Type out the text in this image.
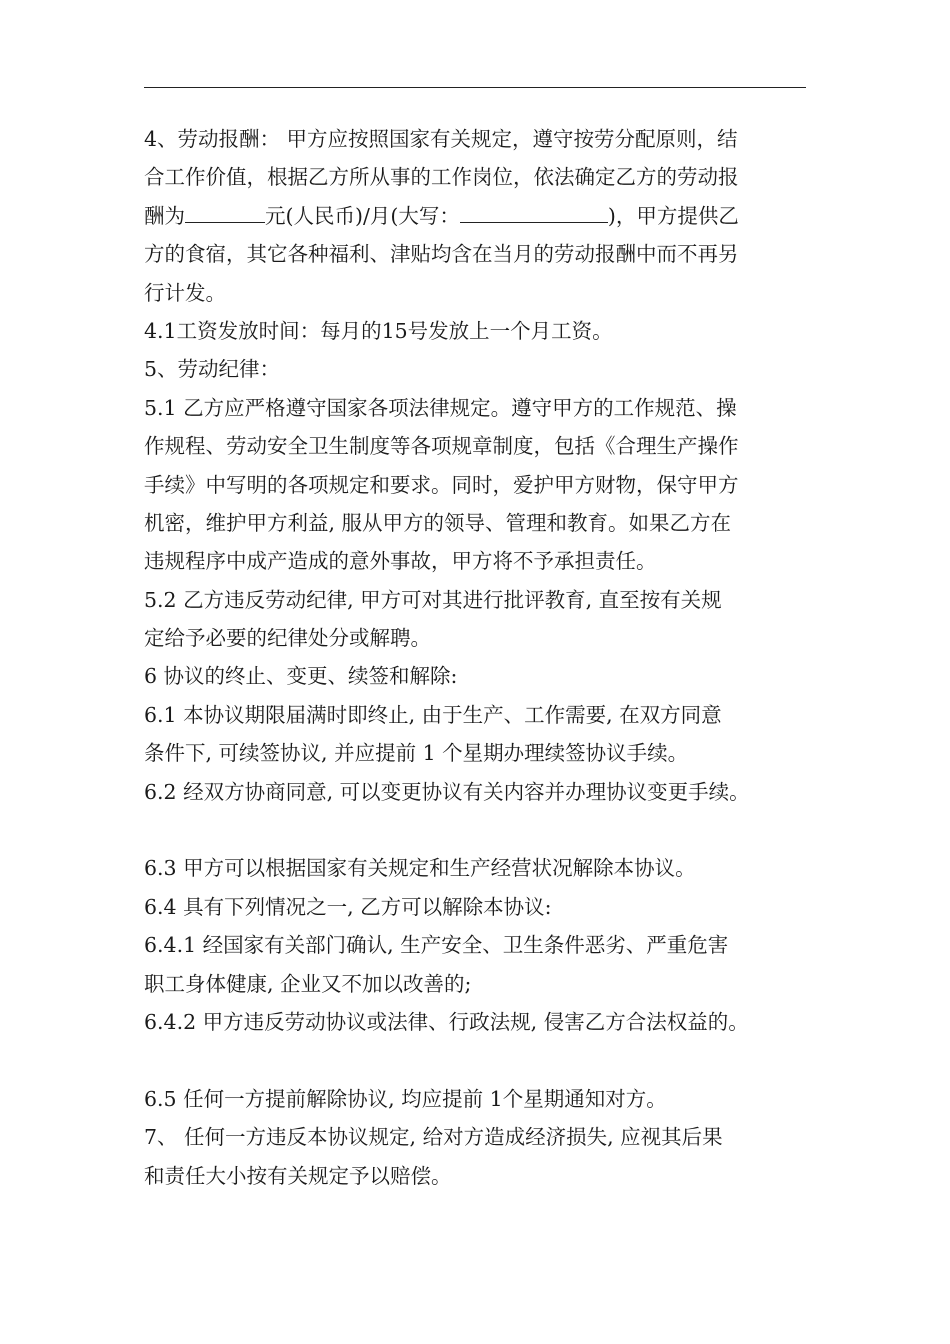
4、劳动报酬： 甲方应按照国家有关规定，遵守按劳分配原则，结
合工作价值，根据乙方所从事的工作岗位，依法确定乙方的劳动报
酬为	元(人民币)/月(大写：	)，甲方提供乙
方的食宿，其它各种福利、津贴均含在当月的劳动报酬中而不再另
行计发。
4.1工资发放时间：每月的15号发放上一个月工资。
5、劳动纪律：
5.1 乙方应严格遵守国家各项法律规定。遵守甲方的工作规范、操
作规程、劳动安全卫生制度等各项规章制度，包括《合理生产操作
手续》中写明的各项规定和要求。同时，爱护甲方财物，保守甲方
机密，维护甲方利益, 服从甲方的领导、管理和教育。如果乙方在
违规程序中成产造成的意外事故，甲方将不予承担责任。
5.2 乙方违反劳动纪律, 甲方可对其进行批评教育, 直至按有关规
定给予必要的纪律处分或解聘。
6 协议的终止、变更、续签和解除:
6.1 本协议期限届满时即终止, 由于生产、工作需要, 在双方同意
条件下, 可续签协议, 并应提前 1 个星期办理续签协议手续。
6.2 经双方协商同意, 可以变更协议有关内容并办理协议变更手续。
6.3 甲方可以根据国家有关规定和生产经营状况解除本协议。
6.4 具有下列情况之一, 乙方可以解除本协议:
6.4.1 经国家有关部门确认, 生产安全、卫生条件恶劣、严重危害
职工身体健康, 企业又不加以改善的;
6.4.2 甲方违反劳动协议或法律、行政法规, 侵害乙方合法权益的。
6.5 任何一方提前解除协议, 均应提前 1个星期通知对方。
7、 任何一方违反本协议规定, 给对方造成经济损失, 应视其后果
和责任大小按有关规定予以赔偿。
